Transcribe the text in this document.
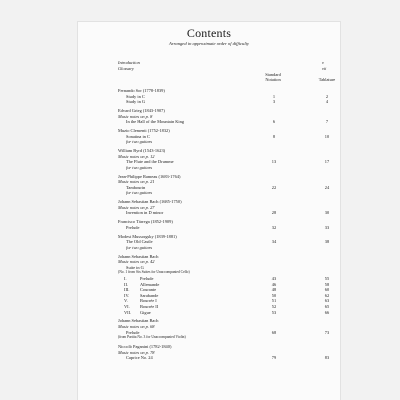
Contents
Arranged in approximate order of difficulty
Introduction	v
Glossary	vii
Standard
Notation	Tablature
Fernando Sor (1778-1839)
Study in C	1	2
Study in G	3	4
Edvard Grieg (1843-1907)
Music notes on p. 8
In the Hall of the Mountain King	6	7
Muzio Clementi (1752-1832)
Sonatina in C	8	10
for two guitars
William Byrd (1543-1623)
Music notes on p. 12
The Flute and the Drumme	13	17
for two guitars
Jean-Philippe Rameau (1683-1764)
Music notes on p. 21
Tambourin	22	24
for two guitars
Johann Sebastian Bach (1685-1750)
Music notes on p. 27
Invention in D minor	28	30
Francisco Tárrega (1852-1909)
Prelude	32	33
Modest Mussorgsky (1839-1881)
The Old Castle	34	38
for two guitars
Johann Sebastian Bach
Music notes on p. 42
Suite in G
(No. 1 from Six Suites for Unaccompanied Cello)
I.	Prelude	43	55
II.	Allemande	46	58
III. Courante	48	60
IV. Sarabande	50	62
V.	Bourrée I	51	63
VI. Bourrée II	52	65
VII. Gigue	53	66
Johann Sebastian Bach
Music notes on p. 68
Prelude	68	73
(from Partita No. 3 for Unaccompanied Violin)
Niccolò Paganini (1782-1840)
Music notes on p. 78
Caprice No. 24	79	83
